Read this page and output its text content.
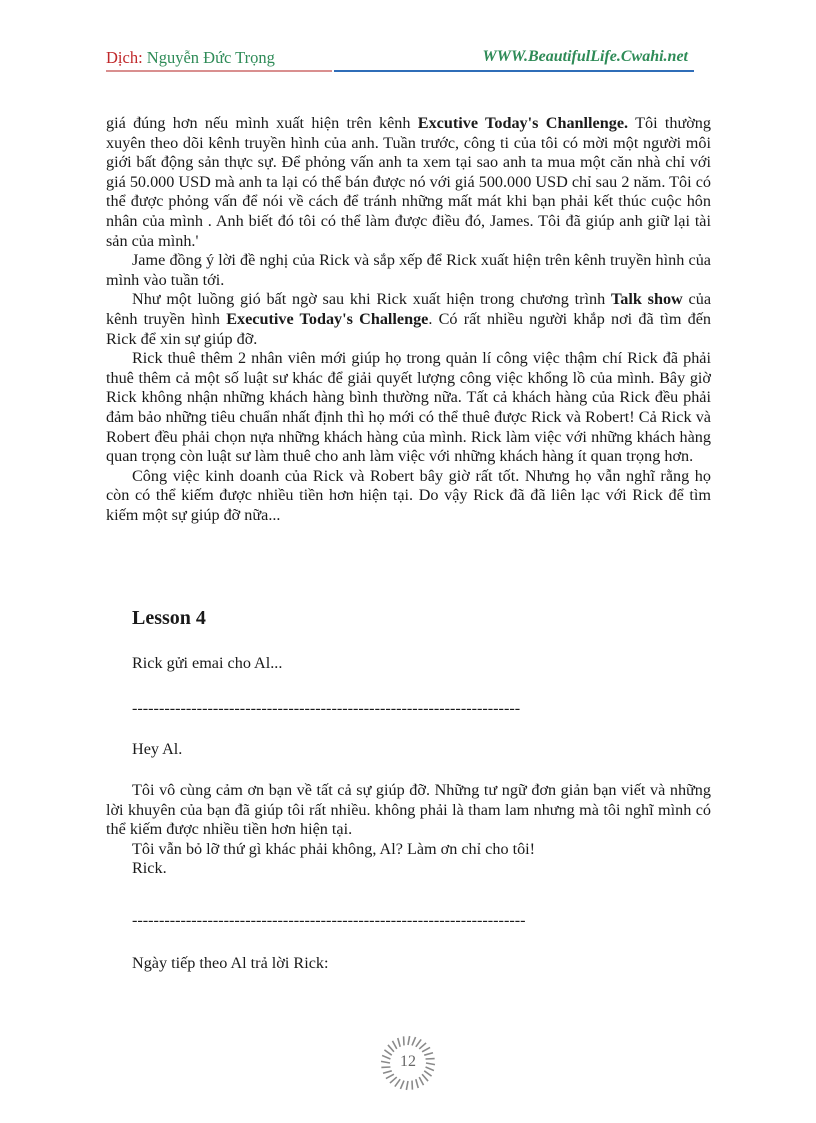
Dịch: Nguyễn Đức Trọng	WWW.BeautifulLife.Cwahi.net

giá đúng hơn nếu mình xuất hiện trên kênh Excutive Today's Chanllenge. Tôi thường xuyên theo dõi kênh truyền hình của anh. Tuần trước, công ti của tôi có mời một người môi giới bất động sản thực sự. Để phỏng vấn anh ta xem tại sao anh ta mua một căn nhà chỉ với giá 50.000 USD mà anh ta lại có thể bán được nó với giá 500.000 USD chỉ sau 2 năm. Tôi có thể được phỏng vấn để nói về cách để tránh những mất mát khi bạn phải kết thúc cuộc hôn nhân của mình . Anh biết đó tôi có thể làm được điều đó, James. Tôi đã giúp anh giữ lại tài sản của mình.'

Jame đồng ý lời đề nghị của Rick và sắp xếp để Rick xuất hiện trên kênh truyền hình của mình vào tuần tới.

Như một luồng gió bất ngờ sau khi Rick xuất hiện trong chương trình Talk show của kênh truyền hình Executive Today's Challenge. Có rất nhiều người khắp nơi đã tìm đến Rick để xin sự giúp đỡ.

Rick thuê thêm 2 nhân viên mới giúp họ trong quản lí công việc thậm chí Rick đã phải thuê thêm cả một số luật sư khác để giải quyết lượng công việc khổng lồ của mình. Bây giờ Rick không nhận những khách hàng bình thường nữa. Tất cả khách hàng của Rick đều phải đảm bảo những tiêu chuẩn nhất định thì họ mới có thể thuê được Rick và Robert! Cả Rick và Robert đều phải chọn nựa những khách hàng của mình. Rick làm việc với những khách hàng quan trọng còn luật sư làm thuê cho anh làm việc với những khách hàng ít quan trọng hơn.

Công việc kinh doanh của Rick và Robert bây giờ rất tốt. Nhưng họ vẫn nghĩ rằng họ còn có thể kiếm được nhiều tiền hơn hiện tại. Do vậy Rick đã đã liên lạc với Rick để tìm kiếm một sự giúp đỡ nữa...

Lesson 4
Rick gửi emai cho Al...
------------------------------------------------------------------------
Hey Al.

Tôi vô cùng cảm ơn bạn về tất cả sự giúp đỡ. Những tư ngữ đơn giản bạn viết và những lời khuyên của bạn đã giúp tôi rất nhiều. không phải là tham lam nhưng mà tôi nghĩ mình có thể kiếm được nhiều tiền hơn hiện tại.

Tôi vẫn bỏ lỡ thứ gì khác phải không, Al? Làm ơn chỉ cho tôi!

Rick.

-------------------------------------------------------------------------
Ngày tiếp theo Al trả lời Rick:
12
